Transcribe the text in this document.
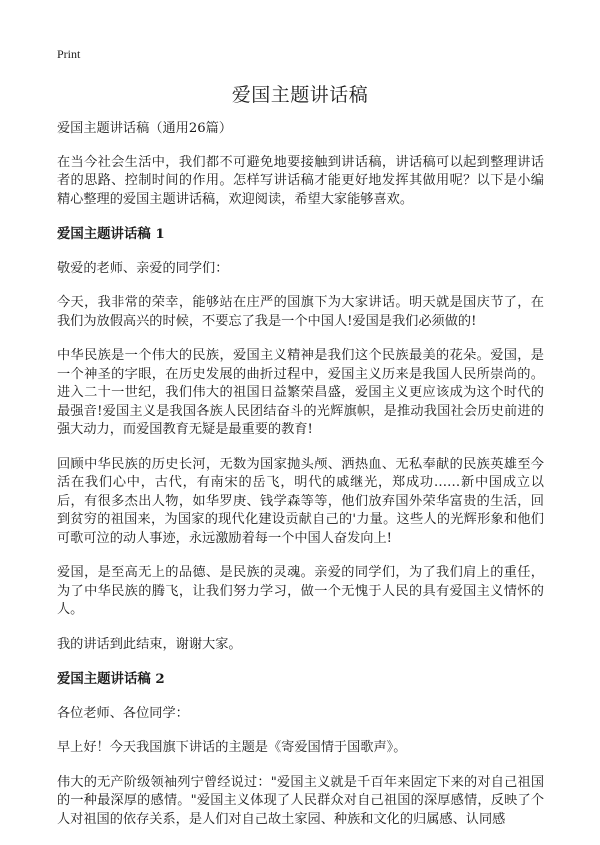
Print
爱国主题讲话稿

爱国主题讲话稿（通用26篇）

在当今社会生活中，我们都不可避免地要接触到讲话稿，讲话稿可以起到整理讲话者的思路、控制时间的作用。怎样写讲话稿才能更好地发挥其做用呢？以下是小编精心整理的爱国主题讲话稿，欢迎阅读，希望大家能够喜欢。

爱国主题讲话稿 1

敬爱的老师、亲爱的同学们：

今天，我非常的荣幸，能够站在庄严的国旗下为大家讲话。明天就是国庆节了，在我们为放假高兴的时候，不要忘了我是一个中国人!爱国是我们必须做的!

中华民族是一个伟大的民族，爱国主义精神是我们这个民族最美的花朵。爱国，是一个神圣的字眼，在历史发展的曲折过程中，爱国主义历来是我国人民所崇尚的。进入二十一世纪，我们伟大的祖国日益繁荣昌盛，爱国主义更应该成为这个时代的最强音!爱国主义是我国各族人民团结奋斗的光辉旗帜，是推动我国社会历史前进的强大动力，而爱国教育无疑是最重要的教育!

回顾中华民族的历史长河，无数为国家抛头颅、洒热血、无私奉献的民族英雄至今活在我们心中，古代，有南宋的岳飞，明代的戚继光，郑成功……新中国成立以后，有很多杰出人物，如华罗庚、钱学森等等，他们放弃国外荣华富贵的生活，回到贫穷的祖国来，为国家的现代化建设贡献自己的'力量。这些人的光辉形象和他们可歌可泣的动人事迹，永远激励着每一个中国人奋发向上!

爱国，是至高无上的品德、是民族的灵魂。亲爱的同学们，为了我们肩上的重任，为了中华民族的腾飞，让我们努力学习，做一个无愧于人民的具有爱国主义情怀的人。

我的讲话到此结束，谢谢大家。

爱国主题讲话稿 2

各位老师、各位同学：

早上好！今天我国旗下讲话的主题是《寄爱国情于国歌声》。

伟大的无产阶级领袖列宁曾经说过："爱国主义就是千百年来固定下来的对自己祖国的一种最深厚的感情。"爱国主义体现了人民群众对自己祖国的深厚感情，反映了个人对祖国的依存关系，是人们对自己故土家园、种族和文化的归属感、认同感
